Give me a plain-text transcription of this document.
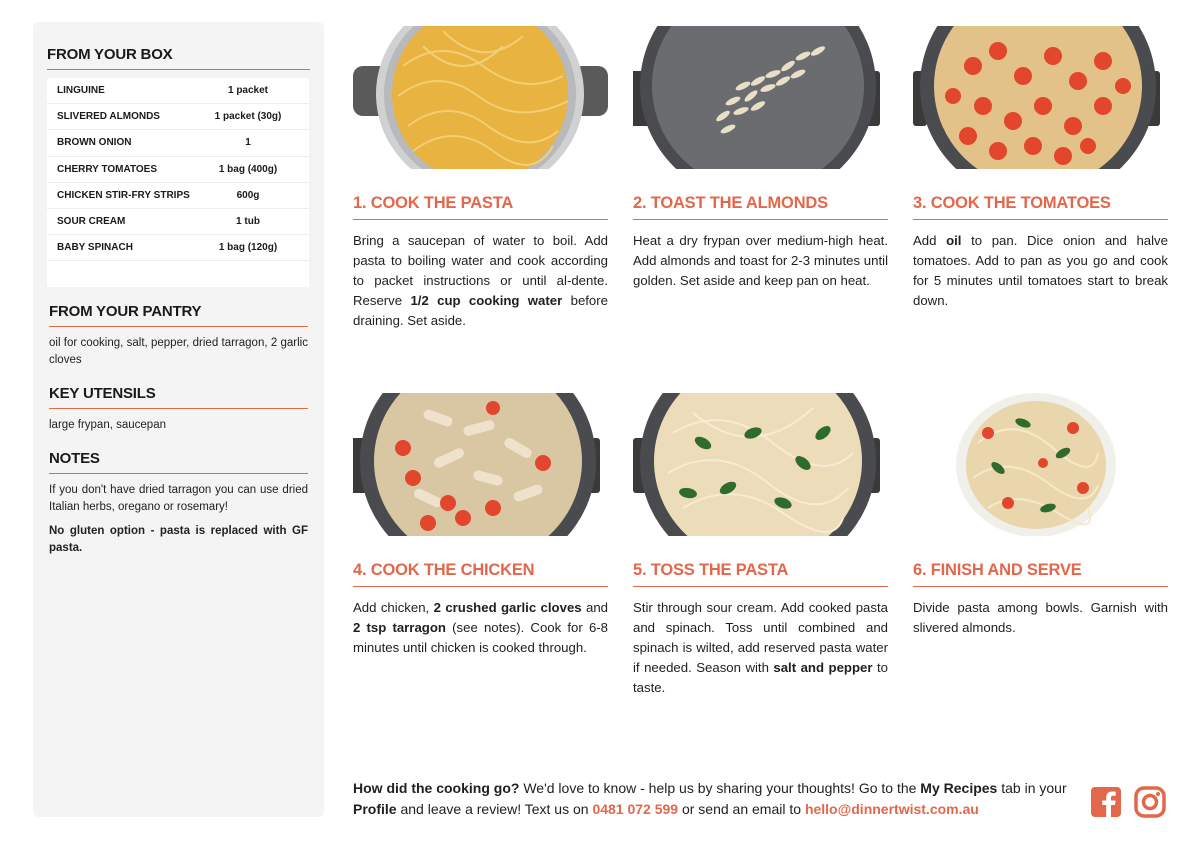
FROM YOUR BOX
LINGUINE	1 packet
SLIVERED ALMONDS	1 packet (30g)
BROWN ONION	1
CHERRY TOMATOES	1 bag (400g)
CHICKEN STIR-FRY STRIPS	600g
SOUR CREAM	1 tub
BABY SPINACH	1 bag (120g)
FROM YOUR PANTRY
oil for cooking, salt, pepper, dried tarragon, 2 garlic cloves
KEY UTENSILS
large frypan, saucepan
NOTES
If you don't have dried tarragon you can use dried Italian herbs, oregano or rosemary!
No gluten option - pasta is replaced with GF pasta.
1. COOK THE PASTA
Bring a saucepan of water to boil. Add pasta to boiling water and cook according to packet instructions or until al-dente. Reserve 1/2 cup cooking water before draining. Set aside.
2. TOAST THE ALMONDS
Heat a dry frypan over medium-high heat. Add almonds and toast for 2-3 minutes until golden. Set aside and keep pan on heat.
3. COOK THE TOMATOES
Add oil to pan. Dice onion and halve tomatoes. Add to pan as you go and cook for 5 minutes until tomatoes start to break down.
4. COOK THE CHICKEN
Add chicken, 2 crushed garlic cloves and 2 tsp tarragon (see notes). Cook for 6-8 minutes until chicken is cooked through.
5. TOSS THE PASTA
Stir through sour cream. Add cooked pasta and spinach. Toss until combined and spinach is wilted, add reserved pasta water if needed. Season with salt and pepper to taste.
6. FINISH AND SERVE
Divide pasta among bowls. Garnish with slivered almonds.
How did the cooking go? We'd love to know - help us by sharing your thoughts! Go to the My Recipes tab in your Profile and leave a review! Text us on 0481 072 599 or send an email to hello@dinnertwist.com.au
